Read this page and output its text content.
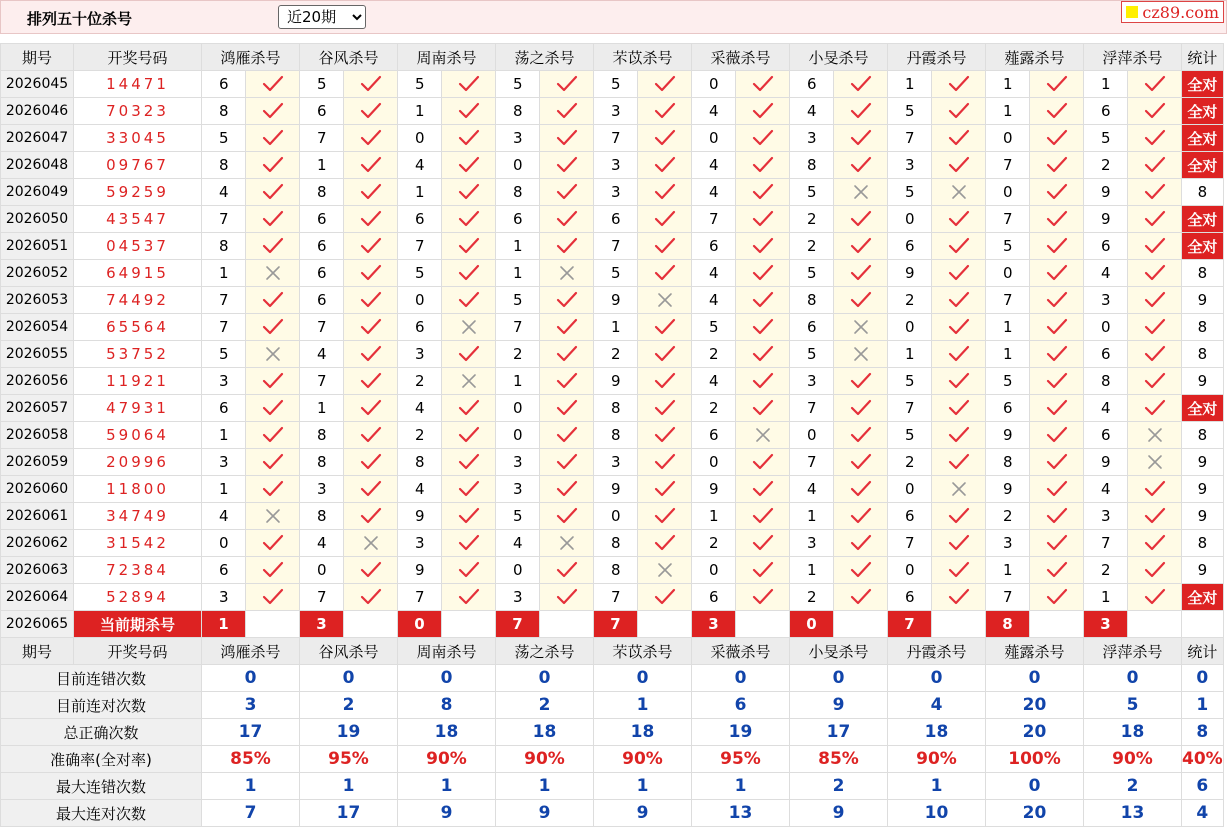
排列五十位杀号
近20期	cz89.com
期号	开奖号码	鸿雁杀号		谷风杀号		周南杀号		荡之杀号		芣苡杀号		采薇杀号		小旻杀号		丹霞杀号		薤露杀号		浮萍杀号		统计
2026045	14471	6		5		5		5		5		0		6		1		1		1		全对
2026046	70323	8		6		1		8		3		4		4		5		1		6		全对
2026047	33045	5		7		0		3		7		0		3		7		0		5		全对
2026048	09767	8		1		4		0		3		4		8		3		7		2		全对
2026049	59259	4		8		1		8		3		4		5		5		0		9		8
2026050	43547	7		6		6		6		6		7		2		0		7		9		全对
2026051	04537	8		6		7		1		7		6		2		6		5		6		全对
2026052	64915	1		6		5		1		5		4		5		9		0		4		8
2026053	74492	7		6		0		5		9		4		8		2		7		3		9
2026054	65564	7		7		6		7		1		5		6		0		1		0		8
2026055	53752	5		4		3		2		2		2		5		1		1		6		8
2026056	11921	3		7		2		1		9		4		3		5		5		8		9
2026057	47931	6		1		4		0		8		2		7		7		6		4		全对
2026058	59064	1		8		2		0		8		6		0		5		9		6		8
2026059	20996	3		8		8		3		3		0		7		2		8		9		9
2026060	11800	1		3		4		3		9		9		4		0		9		4		9
2026061	34749	4		8		9		5		0		1		1		6		2		3		9
2026062	31542	0		4		3		4		8		2		3		7		3		7		8
2026063	72384	6		0		9		0		8		0		1		0		1		2		9
2026064	52894	3		7		7		3		7		6		2		6		7		1		全对
2026065	当前期杀号	1		3		0		7		7		3		0		7		8		3		
期号	开奖号码	鸿雁杀号		谷风杀号		周南杀号		荡之杀号		芣苡杀号		采薇杀号		小旻杀号		丹霞杀号		薤露杀号		浮萍杀号		统计
目前连错次数		0		0		0		0		0		0		0		0		0		0		0
目前连对次数		3		2		8		2		1		6		9		4		20		5		1
总正确次数		17		19		18		18		18		19		17		18		20		18		8
准确率(全对率)		85%		95%		90%		90%		90%		95%		85%		90%		100%		90%		40%
最大连错次数		1		1		1		1		1		1		2		1		0		2		6
最大连对次数		7		17		9		9		9		13		9		10		20		13		4
